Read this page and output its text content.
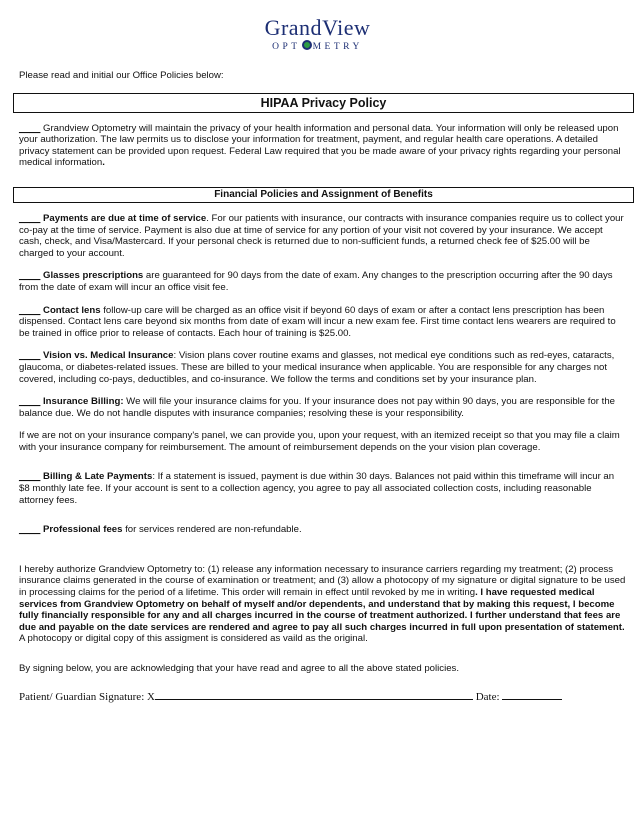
GrandView
OPT METRY

Please read and initial our Office Policies below:

HIPAA Privacy Policy

____ Grandview Optometry will maintain the privacy of your health information and personal data. Your information will only be released upon your authorization. The law permits us to disclose your information for treatment, payment, and regular health care operations. A detailed privacy statement can be provided upon request. Federal Law required that you be made aware of your privacy rights regarding your personal medical information.

Financial Policies and Assignment of Benefits

____ Payments are due at time of service. For our patients with insurance, our contracts with insurance companies require us to collect your co-pay at the time of service. Payment is also due at time of service for any portion of your visit not covered by your insurance. We accept cash, check, and Visa/Mastercard. If your personal check is returned due to non-sufficient funds, a returned check fee of $25.00 will be charged to your account.

____ Glasses prescriptions are guaranteed for 90 days from the date of exam. Any changes to the prescription occurring after the 90 days from the date of exam will incur an office visit fee.

____ Contact lens follow-up care will be charged as an office visit if beyond 60 days of exam or after a contact lens prescription has been dispensed. Contact lens care beyond six months from date of exam will incur a new exam fee. First time contact lens wearers are required to be trained in office prior to release of contacts. Each hour of training is $25.00.

____ Vision vs. Medical Insurance: Vision plans cover routine exams and glasses, not medical eye conditions such as red-eyes, cataracts, glaucoma, or diabetes-related issues. These are billed to your medical insurance when applicable. You are responsible for any charges not covered, including co-pays, deductibles, and co-insurance. We follow the terms and conditions set by your insurance plan.

____ Insurance Billing: We will file your insurance claims for you. If your insurance does not pay within 90 days, you are responsible for the balance due. We do not handle disputes with insurance companies; resolving these is your responsibility.

If we are not on your insurance company's panel, we can provide you, upon your request, with an itemized receipt so that you may file a claim with your insurance company for reimbursement. The amount of reimbursement depends on the your vision plan coverage.

____ Billing & Late Payments: If a statement is issued, payment is due within 30 days. Balances not paid within this timeframe will incur an $8 monthly late fee. If your account is sent to a collection agency, you agree to pay all associated collection costs, including reasonable attorney fees.

____ Professional fees for services rendered are non-refundable.

I hereby authorize Grandview Optometry to: (1) release any information necessary to insurance carriers regarding my treatment; (2) process insurance claims generated in the course of examination or treatment; and (3) allow a photocopy of my signature or digital signature to be used in processing claims for the period of a lifetime. This order will remain in effect until revoked by me in writing. I have requested medical services from Grandview Optometry on behalf of myself and/or dependents, and understand that by making this request, I become fully financially responsible for any and all charges incurred in the course of treatment authorized. I further understand that fees are due and payable on the date services are rendered and agree to pay all such charges incurred in full upon presentation of statement. A photocopy or digital copy of this assigment is considered as vaild as the original.

By signing below, you are acknowledging that your have read and agree to all the above stated policies.

Patient/ Guardian Signature: X	Date:
